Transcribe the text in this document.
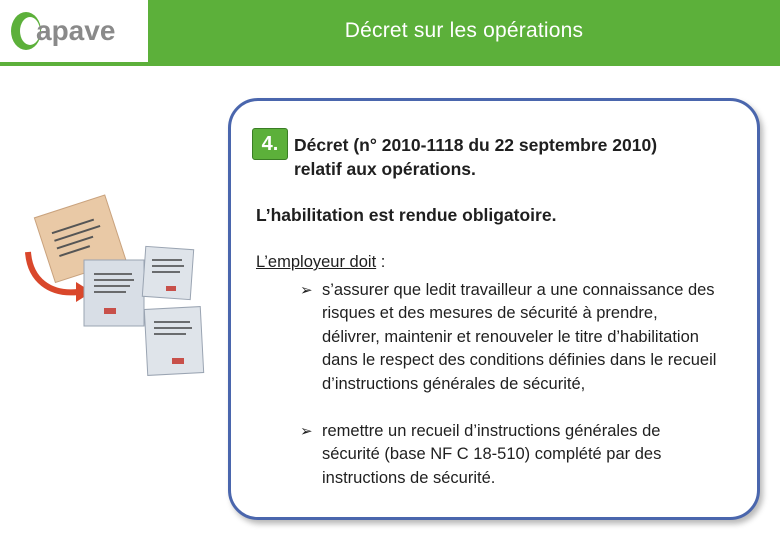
apave	Décret sur les opérations
4. Décret (n° 2010-1118 du 22 septembre 2010)
relatif aux opérations.
L’habilitation est rendue obligatoire.
L’employeur doit :
➢ s’assurer que ledit travailleur a une connaissance des risques et des mesures de sécurité à prendre, délivrer, maintenir et renouveler le titre d’habilitation dans le respect des conditions définies dans le recueil d’instructions générales de sécurité,
➢ remettre un recueil d’instructions générales de sécurité (base NF C 18-510) complété par des instructions de sécurité.
